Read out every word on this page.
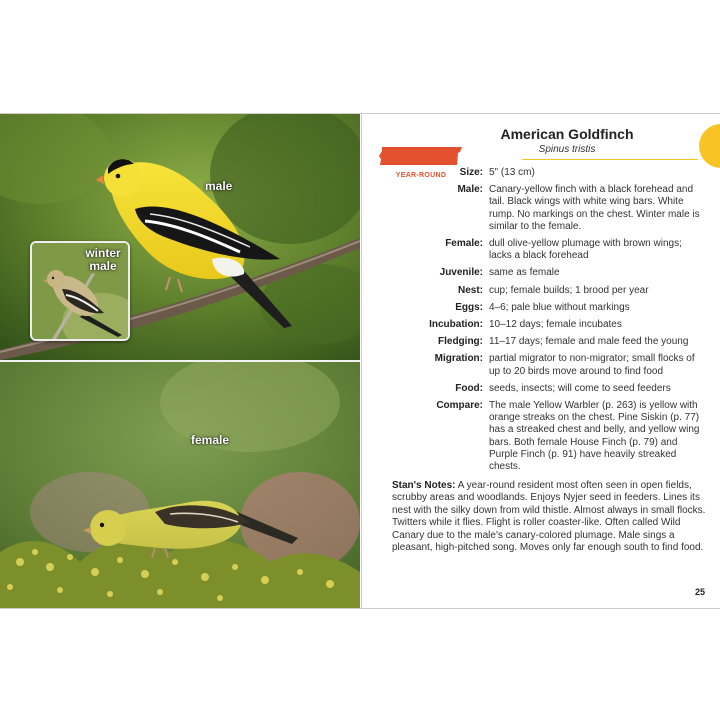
male
winter male
female
American Goldfinch
Spinus tristis
YEAR-ROUND	Size: 5" (13 cm)
Male: Canary-yellow finch with a black forehead and tail. Black wings with white wing bars. White rump. No markings on the chest. Winter male is similar to the female.
Female: dull olive-yellow plumage with brown wings; lacks a black forehead
Juvenile: same as female
Nest: cup; female builds; 1 brood per year
Eggs: 4–6; pale blue without markings
Incubation: 10–12 days; female incubates
Fledging: 11–17 days; female and male feed the young
Migration: partial migrator to non-migrator; small flocks of up to 20 birds move around to find food
Food: seeds, insects; will come to seed feeders
Compare: The male Yellow Warbler (p. 263) is yellow with orange streaks on the chest. Pine Siskin (p. 77) has a streaked chest and belly, and yellow wing bars. Both female House Finch (p. 79) and Purple Finch (p. 91) have heavily streaked chests.
Stan's Notes: A year-round resident most often seen in open fields, scrubby areas and woodlands. Enjoys Nyjer seed in feeders. Lines its nest with the silky down from wild thistle. Almost always in small flocks. Twitters while it flies. Flight is roller coaster-like. Often called Wild Canary due to the male's canary-colored plumage. Male sings a pleasant, high-pitched song. Moves only far enough south to find food.
25
